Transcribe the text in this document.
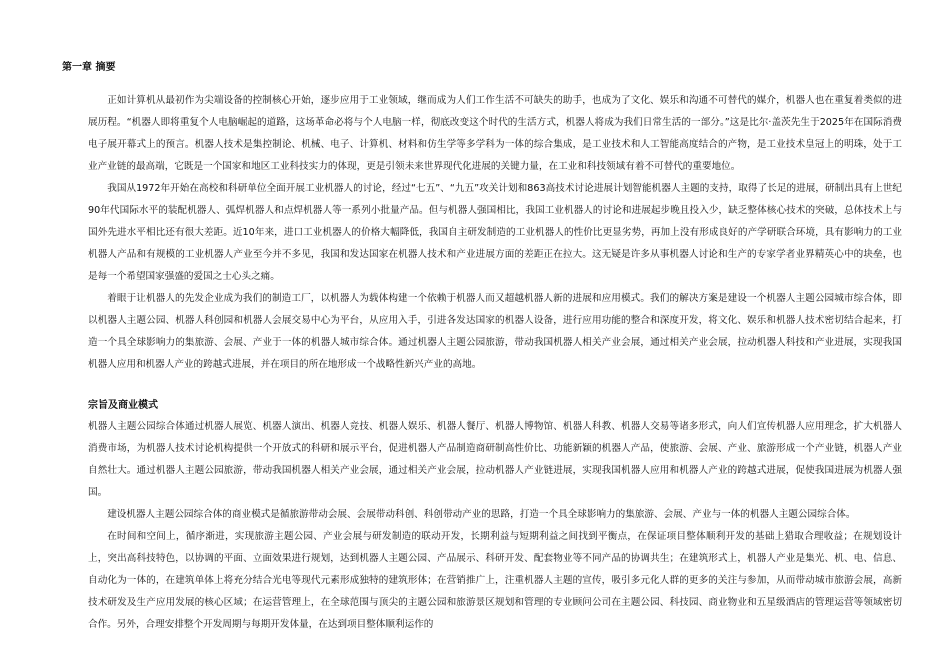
第一章 摘要

正如计算机从最初作为尖端设备的控制核心开始，逐步应用于工业领域，继而成为人们工作生活不可缺失的助手，也成为了文化、娱乐和沟通不可替代的媒介，机器人也在重复着类似的进展历程。“机器人即将重复个人电脑崛起的道路，这场革命必将与个人电脑一样，彻底改变这个时代的生活方式，机器人将成为我们日常生活的一部分。”这是比尔·盖茨先生于2025年在国际消费电子展开幕式上的预言。机器人技术是集控制论、机械、电子、计算机、材料和仿生学等多学科为一体的综合集成，是工业技术和人工智能高度结合的产物，是工业技术皇冠上的明珠，处于工业产业链的最高端，它既是一个国家和地区工业科技实力的体现，更是引领未来世界现代化进展的关键力量，在工业和科技领域有着不可替代的重要地位。

我国从1972年开始在高校和科研单位全面开展工业机器人的讨论，经过“七五”、“九五”攻关计划和863高技术讨论进展计划智能机器人主题的支持，取得了长足的进展，研制出具有上世纪90年代国际水平的装配机器人、弧焊机器人和点焊机器人等一系列小批量产品。但与机器人强国相比，我国工业机器人的讨论和进展起步晚且投入少，缺乏整体核心技术的突破，总体技术上与国外先进水平相比还有很大差距。近10年来，进口工业机器人的价格大幅降低，我国自主研发制造的工业机器人的性价比更显劣势，再加上没有形成良好的产学研联合环境，具有影响力的工业机器人产品和有规模的工业机器人产业至今并不多见，我国和发达国家在机器人技术和产业进展方面的差距正在拉大。这无疑是许多从事机器人讨论和生产的专家学者业界精英心中的块垒，也是每一个希望国家强盛的爱国之士心头之痛。

着眼于让机器人的先发企业成为我们的制造工厂，以机器人为载体构建一个依赖于机器人而又超越机器人新的进展和应用模式。我们的解决方案是建设一个机器人主题公园城市综合体，即以机器人主题公园、机器人科创园和机器人会展交易中心为平台，从应用入手，引进各发达国家的机器人设备，进行应用功能的整合和深度开发，将文化、娱乐和机器人技术密切结合起来，打造一个具全球影响力的集旅游、会展、产业于一体的机器人城市综合体。通过机器人主题公园旅游，带动我国机器人相关产业会展，通过相关产业会展，拉动机器人科技和产业进展，实现我国机器人应用和机器人产业的跨越式进展，并在项目的所在地形成一个战略性新兴产业的高地。

宗旨及商业模式

机器人主题公园综合体通过机器人展览、机器人演出、机器人竞技、机器人娱乐、机器人餐厅、机器人博物馆、机器人科教、机器人交易等诸多形式，向人们宣传机器人应用理念，扩大机器人消费市场，为机器人技术讨论机构提供一个开放式的科研和展示平台，促进机器人产品制造商研制高性价比、功能新颖的机器人产品，使旅游、会展、产业、旅游形成一个产业链，机器人产业自然壮大。通过机器人主题公园旅游，带动我国机器人相关产业会展，通过相关产业会展，拉动机器人产业链进展，实现我国机器人应用和机器人产业的跨越式进展，促使我国进展为机器人强国。

建设机器人主题公园综合体的商业模式是循旅游带动会展、会展带动科创、科创带动产业的思路，打造一个具全球影响力的集旅游、会展、产业与一体的机器人主题公园综合体。

在时间和空间上，循序渐进，实现旅游主题公园、产业会展与研发制造的联动开发，长期利益与短期利益之间找到平衡点，在保证项目整体顺利开发的基础上猎取合理收益；在规划设计上，突出高科技特色，以协调的平面、立面效果进行规划，达到机器人主题公园、产品展示、科研开发、配套物业等不同产品的协调共生；在建筑形式上，机器人产业是集光、机、电、信息、自动化为一体的，在建筑单体上将充分结合光电等现代元素形成独特的建筑形体；在营销推广上，注重机器人主题的宣传，吸引多元化人群的更多的关注与参加，从而带动城市旅游会展，高新技术研发及生产应用发展的核心区域；在运营管理上，在全球范围与顶尖的主题公园和旅游景区规划和管理的专业顾问公司在主题公园、科技园、商业物业和五星级酒店的管理运营等领域密切合作。另外，合理安排整个开发周期与每期开发体量，在达到项目整体顺利运作的
